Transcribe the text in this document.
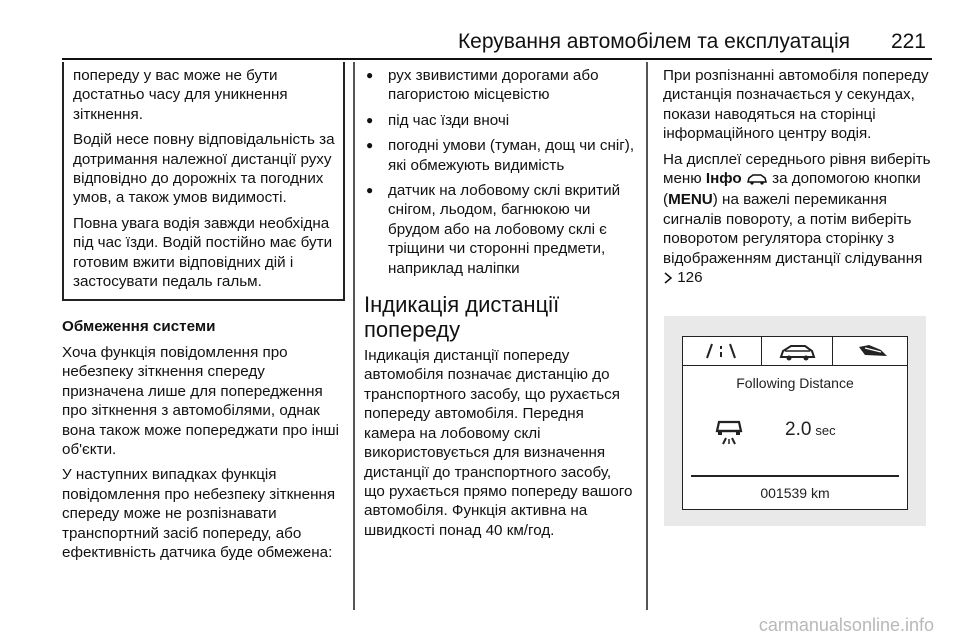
Керування автомобілем та експлуатація 221

попереду у вас може не бути достатньо часу для уникнення зіткнення.

Водій несе повну відповідальність за дотримання належної дистанції руху відповідно до дорожніх та погодних умов, а також умов видимості.

Повна увага водія завжди необхідна під час їзди. Водій постійно має бути готовим вжити відповідних дій і застосувати педаль гальм.

Обмеження системи

Хоча функція повідомлення про небезпеку зіткнення спереду призначена лише для попередження про зіткнення з автомобілями, однак вона також може попереджати про інші об'єкти.

У наступних випадках функція повідомлення про небезпеку зіткнення спереду може не розпізнавати транспортний засіб попереду, або ефективність датчика буде обмежена:

● рух звивистими дорогами або пагористою місцевістю
● під час їзди вночі
● погодні умови (туман, дощ чи сніг), які обмежують видимість
● датчик на лобовому склі вкритий снігом, льодом, багнюкою чи брудом або на лобовому склі є тріщини чи сторонні предмети, наприклад наліпки
Індикація дистанції попереду

Індикація дистанції попереду автомобіля позначає дистанцію до транспортного засобу, що рухається попереду автомобіля. Передня камера на лобовому склі використовується для визначення дистанції до транспортного засобу, що рухається прямо попереду вашого автомобіля. Функція активна на швидкості понад 40 км/год.

При розпізнанні автомобіля попереду дистанція позначається у секундах, покази наводяться на сторінці інформаційного центру водія.

На дисплеї середнього рівня виберіть меню Інфо  за допомогою кнопки (MENU) на важелі перемикання сигналів повороту, а потім виберіть поворотом регулятора сторінку з відображенням дистанції слідування  126

Following Distance
2.0 sec
001539 km
carmanualsonline.info
